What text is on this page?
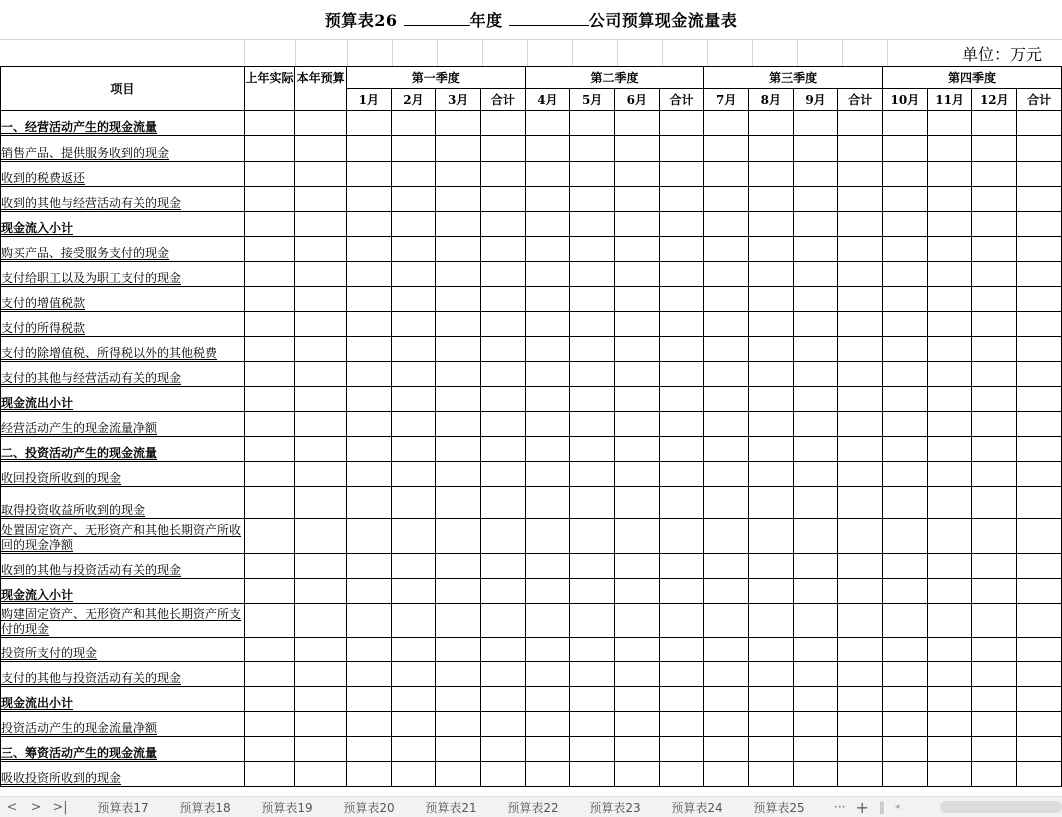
预算表26	年度	公司预算现金流量表
单位：万元
项目	上年实际	本年预算	第一季度				第二季度				第三季度				第四季度			
			1月	2月	3月	合计	4月	5月	6月	合计	7月	8月	9月	合计	10月	11月	12月	合计
一、经营活动产生的现金流量																		
销售产品、提供服务收到的现金																		
收到的税费返还																		
收到的其他与经营活动有关的现金																		
现金流入小计																		
购买产品、接受服务支付的现金																		
支付给职工以及为职工支付的现金																		
支付的增值税款																		
支付的所得税款																		
支付的除增值税、所得税以外的其他税费																		
支付的其他与经营活动有关的现金																		
现金流出小计																		
经营活动产生的现金流量净额																		
二、投资活动产生的现金流量																		
收回投资所收到的现金																		
取得投资收益所收到的现金																		
处置固定资产、无形资产和其他长期资产所收回的现金净额																		
收到的其他与投资活动有关的现金																		
现金流入小计																		
购建固定资产、无形资产和其他长期资产所支付的现金																		
投资所支付的现金																		
支付的其他与投资活动有关的现金																		
现金流出小计																		
投资活动产生的现金流量净额																		
三、筹资活动产生的现金流量																		
吸收投资所收到的现金																		
<	> >|	预算表17	预算表18	预算表19	预算表20	预算表21	预算表22	预算表23	预算表24	预算表25	··· + ‖ ◂
